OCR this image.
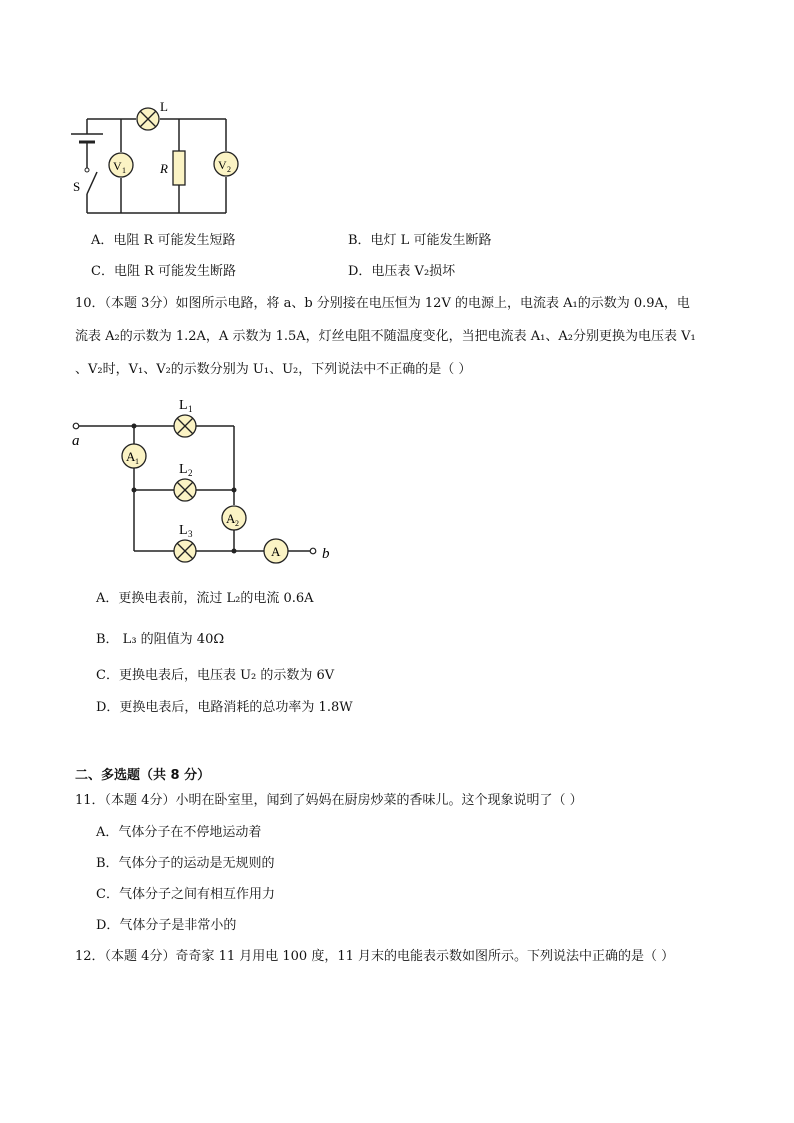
L
V 1	R	V 2
S
A．电阻 R 可能发生短路	B．电灯 L 可能发生断路
C．电阻 R 可能发生断路	D．电压表 V₂损坏
10．（本题 3分）如图所示电路，将 a、b 分别接在电压恒为 12V 的电源上，电流表 A₁的示数为 0.9A，电
流表 A₂的示数为 1.2A，A 示数为 1.5A，灯丝电阻不随温度变化，当把电流表 A₁、A₂分别更换为电压表 V₁
、V₂时，V₁、V₂的示数分别为 U₁、U₂，下列说法中不正确的是（ ）
a
b
L 1
L 2
L 3
A 1
A 2
A
A．更换电表前，流过 L₂的电流 0.6A
B． L₃ 的阻值为 40Ω
C．更换电表后，电压表 U₂ 的示数为 6V
D．更换电表后，电路消耗的总功率为 1.8W
二、多选题（共 8 分）
11．（本题 4分）小明在卧室里，闻到了妈妈在厨房炒菜的香味儿。这个现象说明了（ ）
A．气体分子在不停地运动着
B．气体分子的运动是无规则的
C．气体分子之间有相互作用力
D．气体分子是非常小的
12．（本题 4分）奇奇家 11 月用电 100 度，11 月末的电能表示数如图所示。下列说法中正确的是（ ）
